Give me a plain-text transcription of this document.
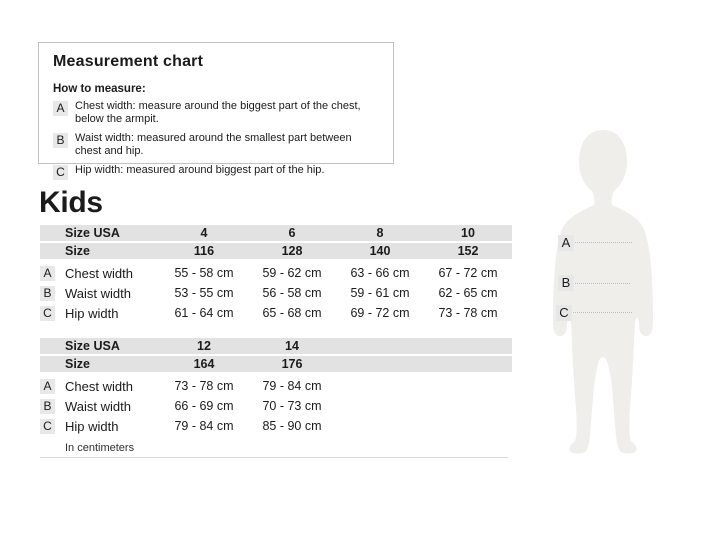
Measurement chart
How to measure:
A Chest width: measure around the biggest part of the chest,
below the armpit.
B Waist width: measured around the smallest part between chest and hip.
C Hip width: measured around biggest part of the hip.
Kids
Size USA	4	6	8	10
Size	116	128	140	152
A Chest width	55 - 58 cm	59 - 62 cm	63 - 66 cm	67 - 72 cm
B Waist width	53 - 55 cm	56 - 58 cm	59 - 61 cm	62 - 65 cm
C Hip width	61 - 64 cm	65 - 68 cm	69 - 72 cm	73 - 78 cm
Size USA	12	14
Size	164	176
A Chest width	73 - 78 cm	79 - 84 cm
B Waist width	66 - 69 cm	70 - 73 cm
C Hip width	79 - 84 cm	85 - 90 cm
In centimeters
A
B
C
